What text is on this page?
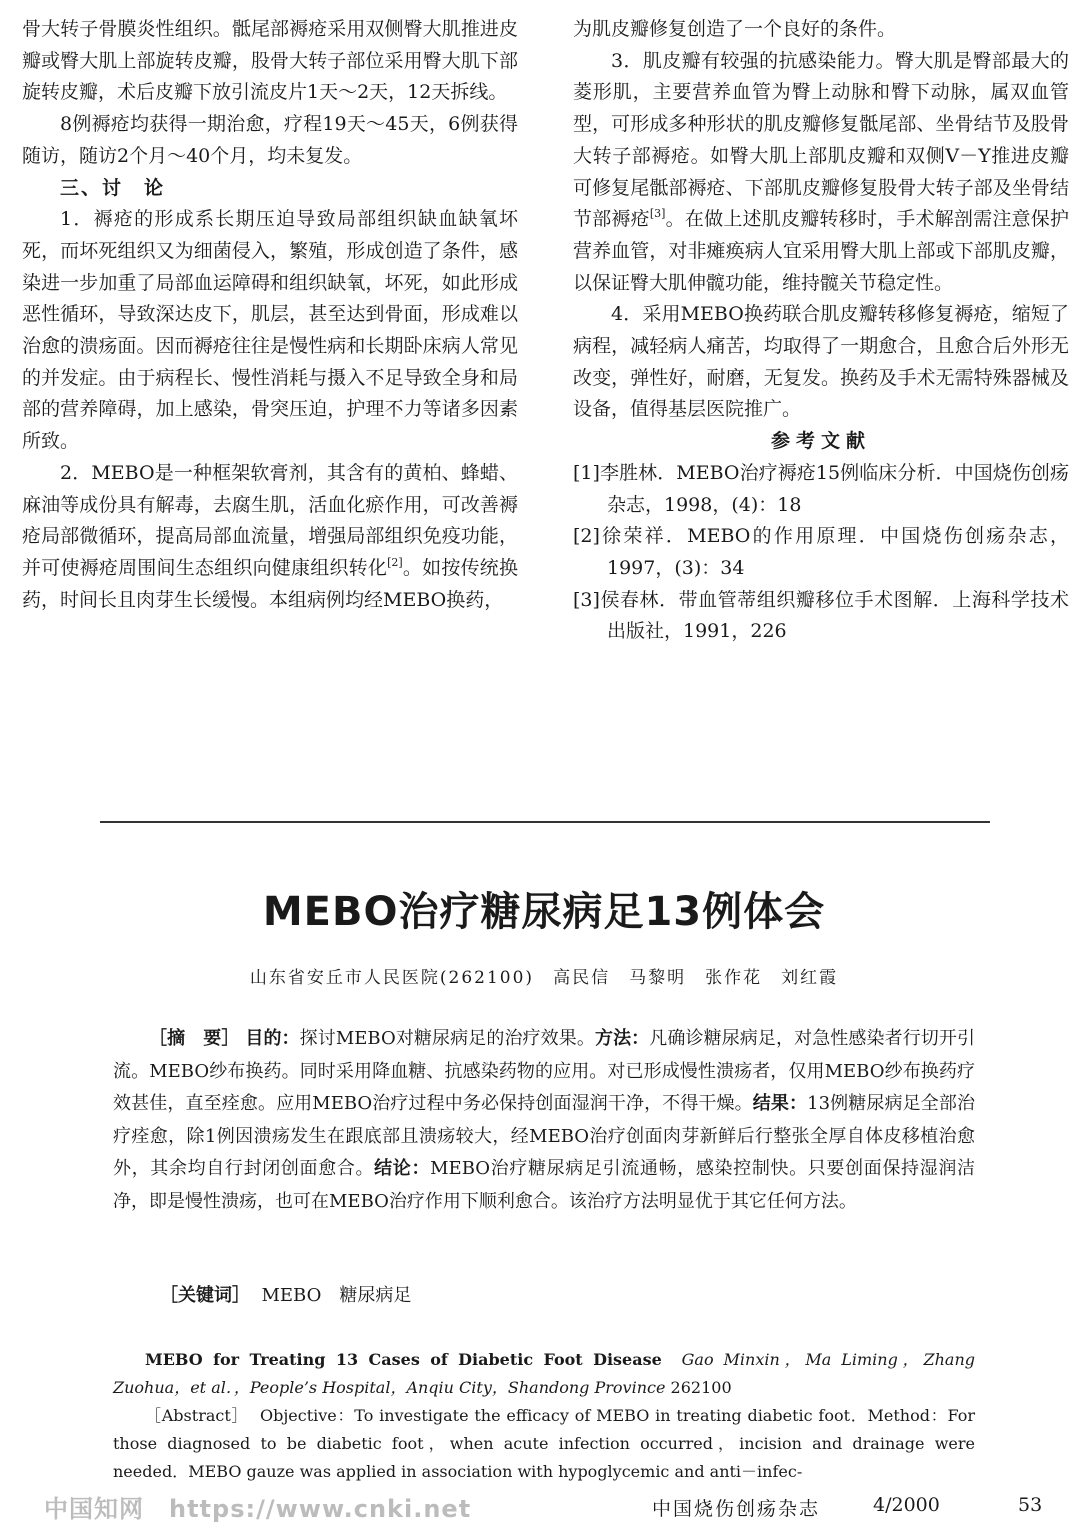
骨大转子骨膜炎性组织。骶尾部褥疮采用双侧臀大肌推进皮瓣或臀大肌上部旋转皮瓣，股骨大转子部位采用臀大肌下部旋转皮瓣，术后皮瓣下放引流皮片1天～2天，12天拆线。

8例褥疮均获得一期治愈，疗程19天～45天，6例获得随访，随访2个月～40个月，均未复发。

三、讨　论

1．褥疮的形成系长期压迫导致局部组织缺血缺氧坏死，而坏死组织又为细菌侵入，繁殖，形成创造了条件，感染进一步加重了局部血运障碍和组织缺氧，坏死，如此形成恶性循环，导致深达皮下，肌层，甚至达到骨面，形成难以治愈的溃疡面。因而褥疮往往是慢性病和长期卧床病人常见的并发症。由于病程长、慢性消耗与摄入不足导致全身和局部的营养障碍，加上感染，骨突压迫，护理不力等诸多因素所致。

2．MEBO是一种框架软膏剂，其含有的黄柏、蜂蜡、麻油等成份具有解毒，去腐生肌，活血化瘀作用，可改善褥疮局部微循环，提高局部血流量，增强局部组织免疫功能，并可使褥疮周围间生态组织向健康组织转化[2]。如按传统换药，时间长且肉芽生长缓慢。本组病例均经MEBO换药，

为肌皮瓣修复创造了一个良好的条件。

3．肌皮瓣有较强的抗感染能力。臀大肌是臀部最大的菱形肌，主要营养血管为臀上动脉和臀下动脉，属双血管型，可形成多种形状的肌皮瓣修复骶尾部、坐骨结节及股骨大转子部褥疮。如臀大肌上部肌皮瓣和双侧V－Y推进皮瓣可修复尾骶部褥疮、下部肌皮瓣修复股骨大转子部及坐骨结节部褥疮[3]。在做上述肌皮瓣转移时，手术解剖需注意保护营养血管，对非瘫痪病人宜采用臀大肌上部或下部肌皮瓣，以保证臀大肌伸髋功能，维持髋关节稳定性。

4．采用MEBO换药联合肌皮瓣转移修复褥疮，缩短了病程，减轻病人痛苦，均取得了一期愈合，且愈合后外形无改变，弹性好，耐磨，无复发。换药及手术无需特殊器械及设备，值得基层医院推广。

参考文献

[1]李胜林．MEBO治疗褥疮15例临床分析．中国烧伤创疡杂志，1998，(4)：18

[2]徐荣祥．MEBO的作用原理．中国烧伤创疡杂志，1997，(3)：34

[3]侯春林．带血管蒂组织瓣移位手术图解．上海科学技术出版社，1991，226

MEBO治疗糖尿病足13例体会
山东省安丘市人民医院(262100)　高民信　马黎明　张作花　刘红霞

［摘　要］ 目的：探讨MEBO对糖尿病足的治疗效果。方法：凡确诊糖尿病足，对急性感染者行切开引流。MEBO纱布换药。同时采用降血糖、抗感染药物的应用。对已形成慢性溃疡者，仅用MEBO纱布换药疗效甚佳，直至痊愈。应用MEBO治疗过程中务必保持创面湿润干净，不得干燥。结果：13例糖尿病足全部治疗痊愈，除1例因溃疡发生在跟底部且溃疡较大，经MEBO治疗创面肉芽新鲜后行整张全厚自体皮移植治愈外，其余均自行封闭创面愈合。结论：MEBO治疗糖尿病足引流通畅，感染控制快。只要创面保持湿润洁净，即是慢性溃疡，也可在MEBO治疗作用下顺利愈合。该治疗方法明显优于其它任何方法。

［关键词］ MEBO　糖尿病足

MEBO for Treating 13 Cases of Diabetic Foot Disease Gao Minxin，Ma Liming，Zhang Zuohua，et al．，People’s Hospital，Anqiu City，Shandong Province 262100

［Abstract］ Objective：To investigate the efficacy of MEBO in treating diabetic foot．Method：For those diagnosed to be diabetic foot，when acute infection occurred，incision and drainage were needed．MEBO gauze was applied in association with hypoglycemic and anti－infec-

中国知网　https://www.cnki.net	中国烧伤创疡杂志	4/2000	53
